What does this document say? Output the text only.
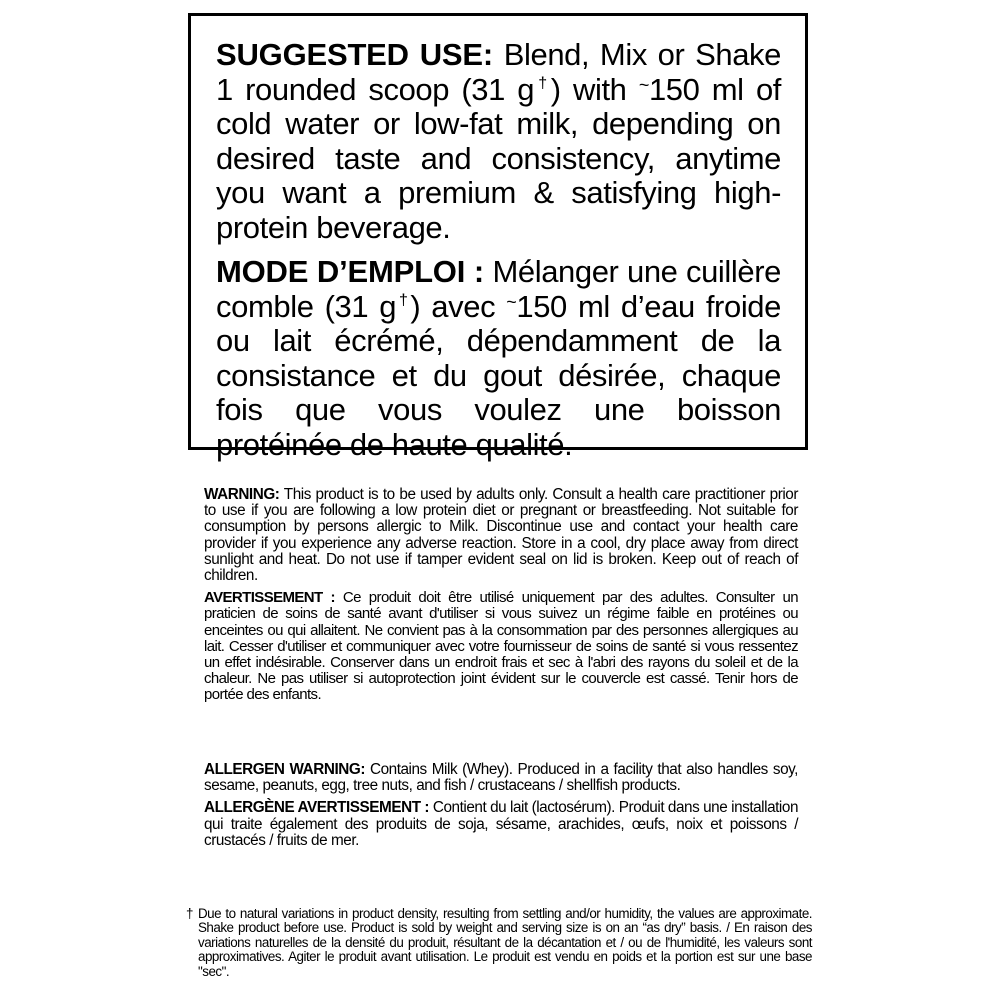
SUGGESTED USE: Blend, Mix or Shake 1 rounded scoop (31 g†) with ~150 ml of cold water or low-fat milk, depending on desired taste and consistency, anytime you want a premium & satisfying high-protein beverage.

MODE D’EMPLOI : Mélanger une cuillère comble (31 g†) avec ~150 ml d’eau froide ou lait écrémé, dépendamment de la consistance et du gout désirée, chaque fois que vous voulez une boisson protéinée de haute qualité.

WARNING: This product is to be used by adults only. Consult a health care practitioner prior to use if you are following a low protein diet or pregnant or breastfeeding. Not suitable for consumption by persons allergic to Milk. Discontinue use and contact your health care provider if you experience any adverse reaction. Store in a cool, dry place away from direct sunlight and heat. Do not use if tamper evident seal on lid is broken. Keep out of reach of children.

AVERTISSEMENT : Ce produit doit être utilisé uniquement par des adultes. Consulter un praticien de soins de santé avant d'utiliser si vous suivez un régime faible en protéines ou enceintes ou qui allaitent. Ne convient pas à la consommation par des personnes allergiques au lait. Cesser d'utiliser et communiquer avec votre fournisseur de soins de santé si vous ressentez un effet indésirable. Conserver dans un endroit frais et sec à l'abri des rayons du soleil et de la chaleur. Ne pas utiliser si autoprotection joint évident sur le couvercle est cassé. Tenir hors de portée des enfants.

ALLERGEN WARNING: Contains Milk (Whey). Produced in a facility that also handles soy, sesame, peanuts, egg, tree nuts, and fish / crustaceans / shellfish products.

ALLERGÈNE AVERTISSEMENT : Contient du lait (lactosérum). Produit dans une installation qui traite également des produits de soja, sésame, arachides, œufs, noix et poissons / crustacés / fruits de mer.

† Due to natural variations in product density, resulting from settling and/or humidity, the values are approximate. Shake product before use. Product is sold by weight and serving size is on an “as dry” basis. / En raison des variations naturelles de la densité du produit, résultant de la décantation et / ou de l'humidité, les valeurs sont approximatives. Agiter le produit avant utilisation. Le produit est vendu en poids et la portion est sur une base "sec".
